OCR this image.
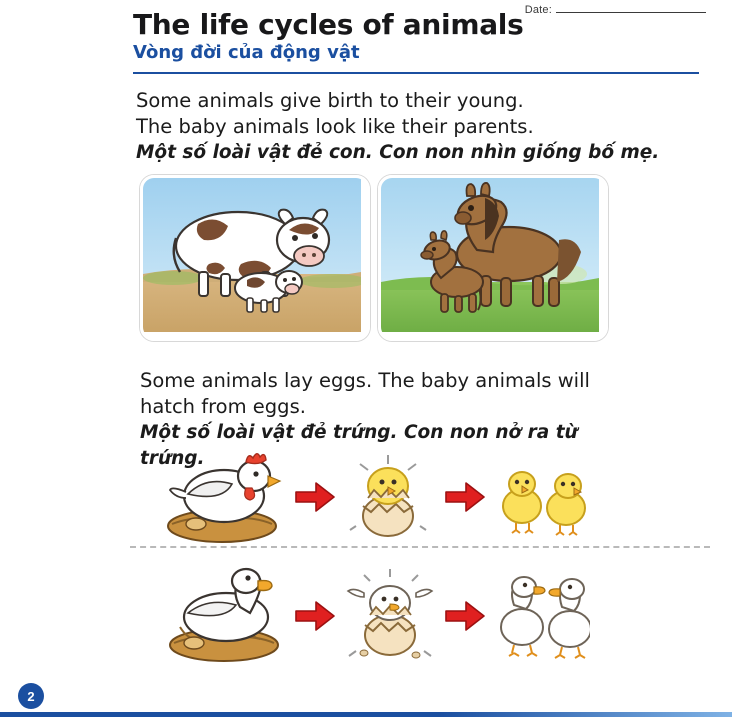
Date:
The life cycles of animals
Vòng đời của động vật
Some animals give birth to their young.
The baby animals look like their parents.
Một số loài vật đẻ con. Con non nhìn giống bố mẹ.
Some animals lay eggs. The baby animals will
hatch from eggs.
Một số loài vật đẻ trứng. Con non nở ra từ trứng.
2
